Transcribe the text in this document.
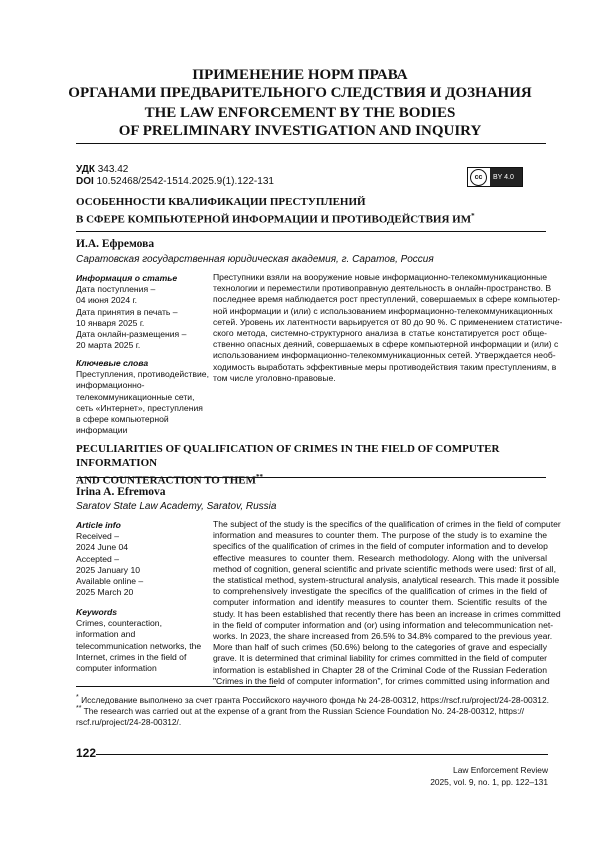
ПРИМЕНЕНИЕ НОРМ ПРАВА
ОРГАНАМИ ПРЕДВАРИТЕЛЬНОГО СЛЕДСТВИЯ И ДОЗНАНИЯ
THE LAW ENFORCEMENT BY THE BODIES
OF PRELIMINARY INVESTIGATION AND INQUIRY
УДК 343.42
DOI 10.52468/2542-1514.2025.9(1).122-131	cc	BY 4.0
ОСОБЕННОСТИ КВАЛИФИКАЦИИ ПРЕСТУПЛЕНИЙ
В СФЕРЕ КОМПЬЮТЕРНОЙ ИНФОРМАЦИИ И ПРОТИВОДЕЙСТВИЯ ИМ*
И.А. Ефремова
Саратовская государственная юридическая академия, г. Саратов, Россия
Информация о статье
Дата поступления –
04 июня 2024 г.
Дата принятия в печать –
10 января 2025 г.
Дата онлайн-размещения –
20 марта 2025 г.
Ключевые слова
Преступления, противодействие,
информационно-
телекоммуникационные сети,
сеть «Интернет», преступления
в сфере компьютерной
информации
Преступники взяли на вооружение новые информационно-телекоммуникационные
технологии и переместили противоправную деятельность в онлайн-пространство. В
последнее время наблюдается рост преступлений, совершаемых в сфере компьютер-
ной информации и (или) с использованием информационно-телекоммуникационных
сетей. Уровень их латентности варьируется от 80 до 90 %. С применением статистиче-
ского метода, системно-структурного анализа в статье констатируется рост обще-
ственно опасных деяний, совершаемых в сфере компьютерной информации и (или) с
использованием информационно-телекоммуникационных сетей. Утверждается необ-
ходимость выработать эффективные меры противодействия таким преступлениям, в
том числе уголовно-правовые.
PECULIARITIES OF QUALIFICATION OF CRIMES IN THE FIELD OF COMPUTER INFORMATION
AND COUNTERACTION TO THEM**
Irina A. Efremova
Saratov State Law Academy, Saratov, Russia
Article info
Received –
2024 June 04
Accepted –
2025 January 10
Available online –
2025 March 20
Keywords
Crimes, counteraction,
information and
telecommunication networks, the
Internet, crimes in the field of
computer information
The subject of the study is the specifics of the qualification of crimes in the field of computer
information and measures to counter them. The purpose of the study is to examine the
specifics of the qualification of crimes in the field of computer information and to develop
effective measures to counter them. Research methodology. Along with the universal
method of cognition, general scientific and private scientific methods were used: first of all,
the statistical method, system-structural analysis, analytical research. This made it possible
to comprehensively investigate the specifics of the qualification of crimes in the field of
computer information and identify measures to counter them. Scientific results of the
study. It has been established that recently there has been an increase in crimes committed
in the field of computer information and (or) using information and telecommunication net-
works. In 2023, the share increased from 26.5% to 34.8% compared to the previous year.
More than half of such crimes (50.6%) belong to the categories of grave and especially
grave. It is determined that criminal liability for crimes committed in the field of computer
information is established in Chapter 28 of the Criminal Code of the Russian Federation
"Crimes in the field of computer information", for crimes committed using information and
* Исследование выполнено за счет гранта Российского научного фонда № 24-28-00312, https://rscf.ru/project/24-28-00312.
** The research was carried out at the expense of a grant from the Russian Science Foundation No. 24-28-00312, https://
rscf.ru/project/24-28-00312/.
122
Law Enforcement Review
2025, vol. 9, no. 1, pp. 122–131
